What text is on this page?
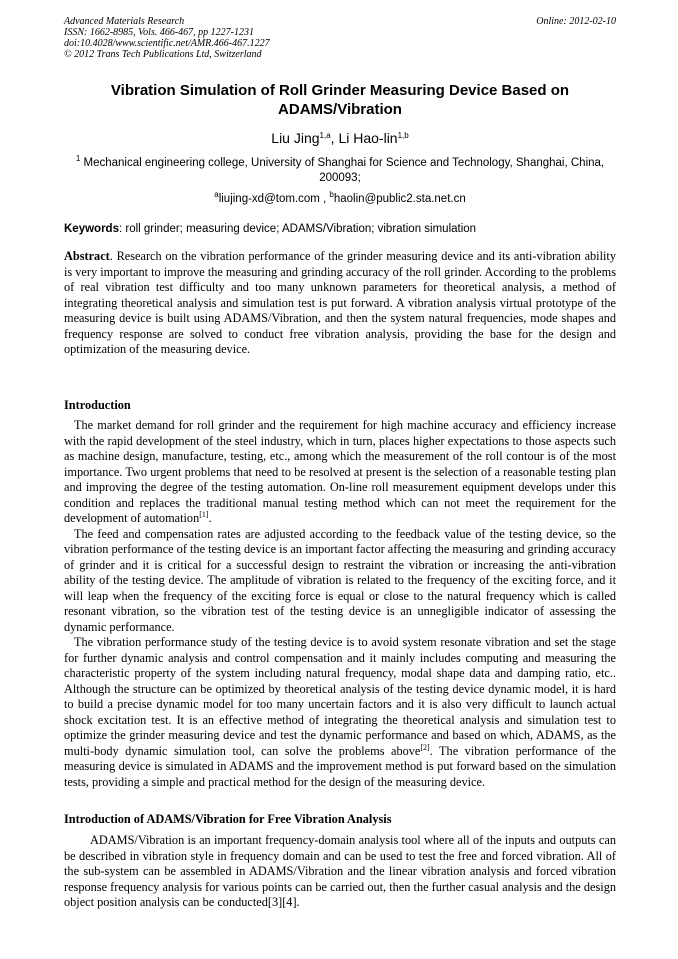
Advanced Materials Research
ISSN: 1662-8985, Vols. 466-467, pp 1227-1231
doi:10.4028/www.scientific.net/AMR.466-467.1227
© 2012 Trans Tech Publications Ltd, Switzerland
Online: 2012-02-10
Vibration Simulation of Roll Grinder Measuring Device Based on ADAMS/Vibration
Liu Jing$^{1,a}$, Li Hao-lin$^{1,b}$
$^1$ Mechanical engineering college, University of Shanghai for Science and Technology, Shanghai, China, 200093;
$^a$liujing-xd@tom.com , $^b$haolin@public2.sta.net.cn
Keywords: roll grinder; measuring device; ADAMS/Vibration; vibration simulation
Abstract. Research on the vibration performance of the grinder measuring device and its anti-vibration ability is very important to improve the measuring and grinding accuracy of the roll grinder. According to the problems of real vibration test difficulty and too many unknown parameters for theoretical analysis, a method of integrating theoretical analysis and simulation test is put forward. A vibration analysis virtual prototype of the measuring device is built using ADAMS/Vibration, and then the system natural frequencies, mode shapes and frequency response are solved to conduct free vibration analysis, providing the base for the design and optimization of the measuring device.
Introduction

The market demand for roll grinder and the requirement for high machine accuracy and efficiency increase with the rapid development of the steel industry, which in turn, places higher expectations to those aspects such as machine design, manufacture, testing, etc., among which the measurement of the roll contour is of the most importance. Two urgent problems that need to be resolved at present is the selection of a reasonable testing plan and improving the degree of the testing automation. On-line roll measurement equipment develops under this condition and replaces the traditional manual testing method which can not meet the requirement for the development of automation[1].

The feed and compensation rates are adjusted according to the feedback value of the testing device, so the vibration performance of the testing device is an important factor affecting the measuring and grinding accuracy of grinder and it is critical for a successful design to restraint the vibration or increasing the anti-vibration ability of the testing device. The amplitude of vibration is related to the frequency of the exciting force, and it will leap when the frequency of the exciting force is equal or close to the natural frequency which is called resonant vibration, so the vibration test of the testing device is an unnegligible indicator of assessing the dynamic performance.

The vibration performance study of the testing device is to avoid system resonate vibration and set the stage for further dynamic analysis and control compensation and it mainly includes computing and measuring the characteristic property of the system including natural frequency, modal shape data and damping ratio, etc.. Although the structure can be optimized by theoretical analysis of the testing device dynamic model, it is hard to build a precise dynamic model for too many uncertain factors and it is also very difficult to launch actual shock excitation test. It is an effective method of integrating the theoretical analysis and simulation test to optimize the grinder measuring device and test the dynamic performance and based on which, ADAMS, as the multi-body dynamic simulation tool, can solve the problems above[2]. The vibration performance of the measuring device is simulated in ADAMS and the improvement method is put forward based on the simulation tests, providing a simple and practical method for the design of the measuring device.

Introduction of ADAMS/Vibration for Free Vibration Analysis

ADAMS/Vibration is an important frequency-domain analysis tool where all of the inputs and outputs can be described in vibration style in frequency domain and can be used to test the free and forced vibration. All of the sub-system can be assembled in ADAMS/Vibration and the linear vibration analysis and forced vibration response frequency analysis for various points can be carried out, then the further casual analysis and the design object position analysis can be conducted[3][4].
